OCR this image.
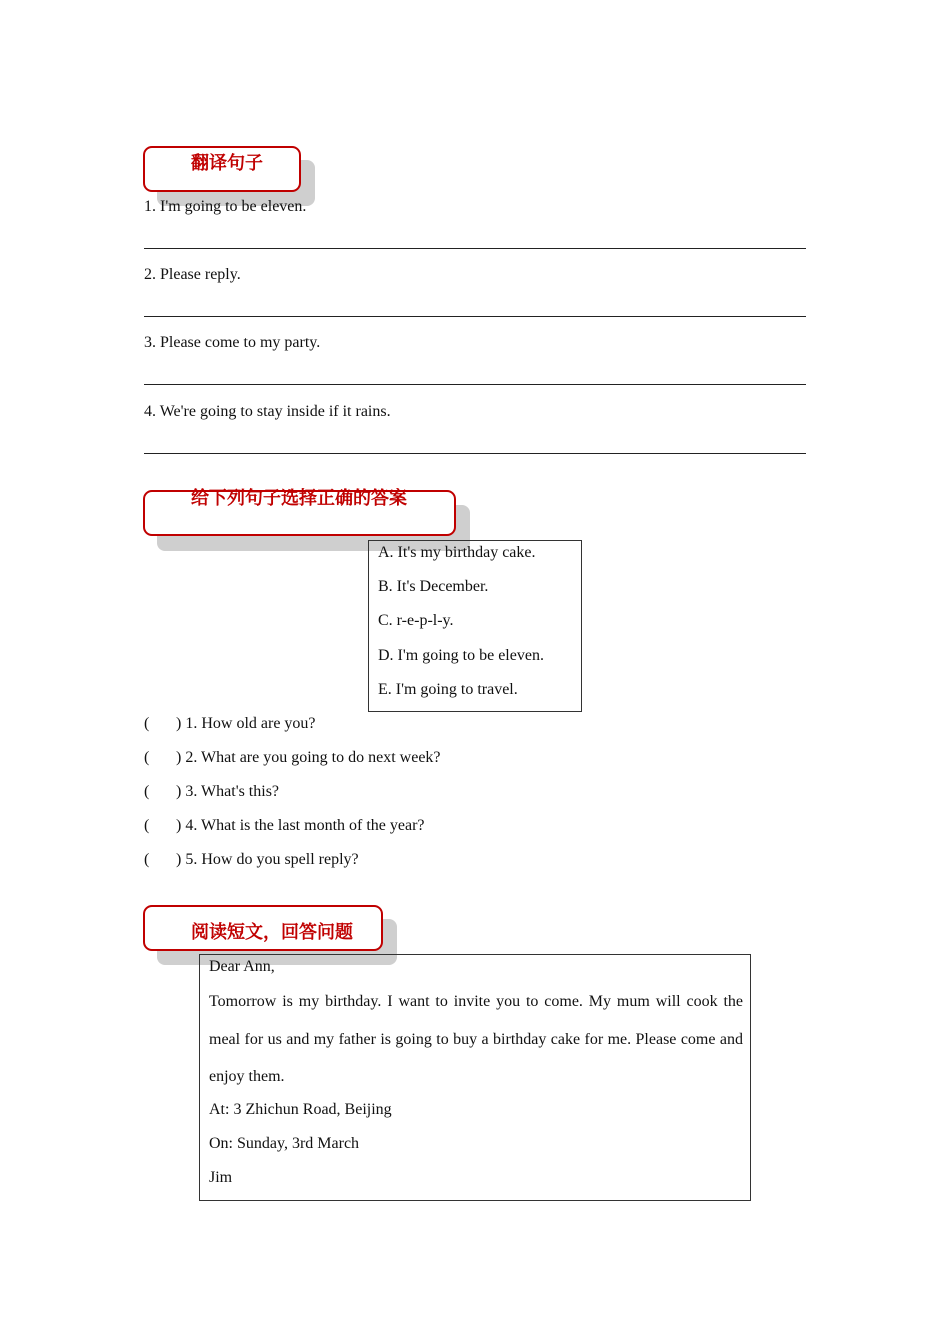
翻译句子
1. I'm going to be eleven.
2. Please reply.
3. Please come to my party.
4. We're going to stay inside if it rains.
给下列句子选择正确的答案
A. It's my birthday cake.
B. It's December.
C. r-e-p-l-y.
D. I'm going to be eleven.
E. I'm going to travel.
( ) 1. How old are you?
( ) 2. What are you going to do next week?
( ) 3. What's this?
( ) 4. What is the last month of the year?
( ) 5. How do you spell reply?
阅读短文，回答问题
Dear Ann,
Tomorrow is my birthday. I want to invite you to come. My mum will cook the meal for us and my father is going to buy a birthday cake for me. Please come and enjoy them.
At: 3 Zhichun Road, Beijing
On: Sunday, 3rd March
Jim
